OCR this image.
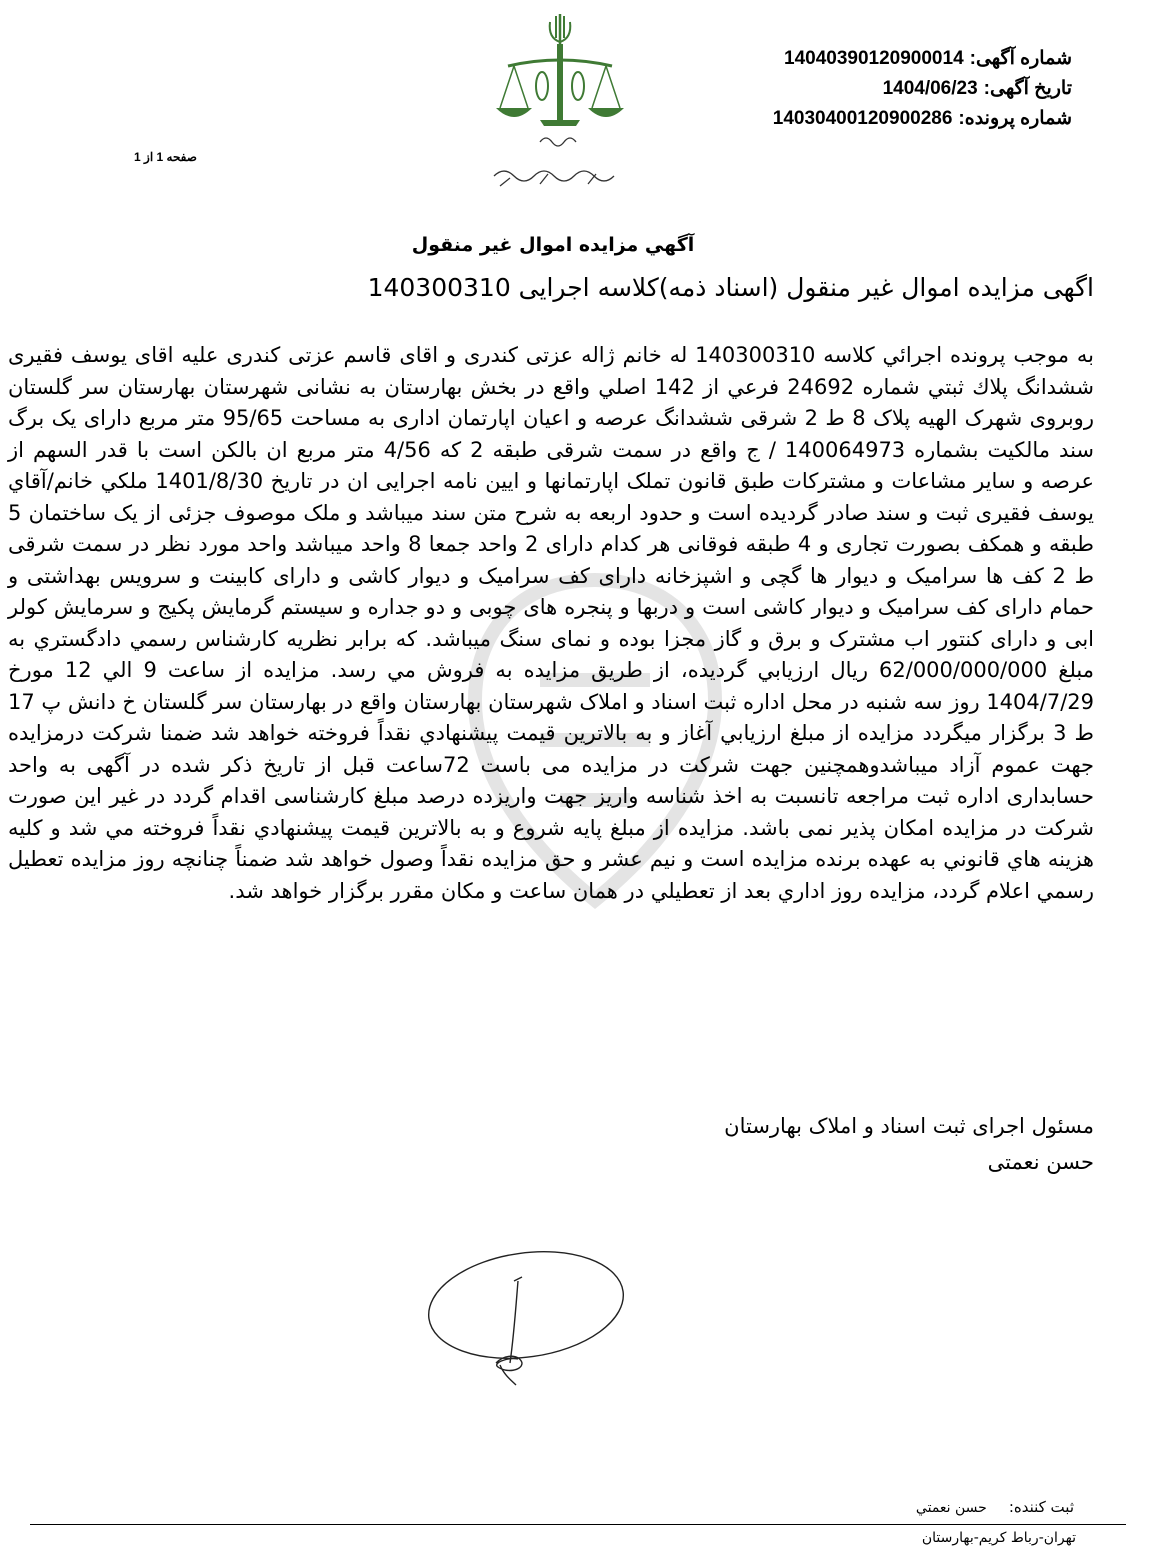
شماره آگهی:14040390120900014
تاریخ آگهی:1404/06/23
شماره پرونده:14030400120900286
صفحه 1 از 1
آگهي مزايده اموال غير منقول
اگهی مزایده اموال غیر منقول (اسناد ذمه)کلاسه اجرایی 140300310
به موجب پرونده اجرائي كلاسه 140300310 له خانم ژاله عزتی کندری و اقای قاسم عزتی کندری علیه اقای یوسف فقیری ششدانگ پلاك ثبتي شماره 24692 فرعي از 142 اصلي واقع در بخش بهارستان به نشانی شهرستان بهارستان سر گلستان روبروی شهرک الهیه پلاک 8 ط 2 شرقی ششدانگ عرصه و اعیان اپارتمان اداری به مساحت 95/65 متر مربع دارای یک برگ سند مالکیت بشماره 140064973 / ج واقع در سمت شرقی طبقه 2 که 4/56 متر مربع ان بالکن است با قدر السهم از عرصه و سایر مشاعات و مشترکات طبق قانون تملک اپارتمانها و ایین نامه اجرایی ان در تاریخ 1401/8/30 ملكي خانم/آقاي يوسف فقیری ثبت و سند صادر گردیده است و حدود اربعه به شرح متن سند میباشد و ملک موصوف جزئی از یک ساختمان 5 طبقه و همکف بصورت تجاری و 4 طبقه فوقانی هر کدام دارای 2 واحد جمعا 8 واحد میباشد واحد مورد نظر در سمت شرقی ط 2 کف ها سرامیک و دیوار ها گچی و اشپزخانه دارای کف سرامیک و دیوار کاشی و دارای کابینت و سرویس بهداشتی و حمام دارای کف سرامیک و دیوار کاشی است و دربها و پنجره های چوبی و دو جداره و سیستم گرمایش پکیج و سرمایش کولر ابی و دارای کنتور اب مشترک و برق و گاز مجزا بوده و نمای سنگ میباشد. كه برابر نظريه كارشناس رسمي دادگستري به مبلغ 62/000/000/000 ريال ارزيابي گرديده، از طريق مزايده به فروش مي رسد. مزايده از ساعت 9 الي 12 مورخ 1404/7/29 روز سه شنبه در محل اداره ثبت اسناد و املاک شهرستان بهارستان واقع در بهارستان سر گلستان خ دانش پ 17 ط 3 برگزار ميگردد مزايده از مبلغ ارزيابي آغاز و به بالاترين قيمت پيشنهادي نقداً فروخته خواهد شد ضمنا شرکت درمزایده جهت عموم آزاد میباشدوهمچنین جهت شرکت در مزایده می باست 72ساعت قبل از تاریخ ذکر شده در آگهی به واحد حسابداری اداره ثبت مراجعه تانسبت به اخذ شناسه واریز جهت واریزده درصد مبلغ کارشناسی اقدام گردد در غیر این صورت شرکت در مزایده امکان پذیر نمی باشد. مزايده از مبلغ پايه شروع و به بالاترين قيمت پيشنهادي نقداً فروخته مي شد و كليه هزينه هاي قانوني به عهده برنده مزايده است و نيم عشر و حق مزايده نقداً وصول خواهد شد ضمناً چنانچه روز مزايده تعطيل رسمي اعلام گردد، مزايده روز اداري بعد از تعطيلي در همان ساعت و مكان مقرر برگزار خواهد شد.
مسئول اجرای ثبت اسناد و املاک بهارستان
حسن نعمتی
ثبت کننده:حسن نعمتي
تهران-رباط کریم-بهارستان
